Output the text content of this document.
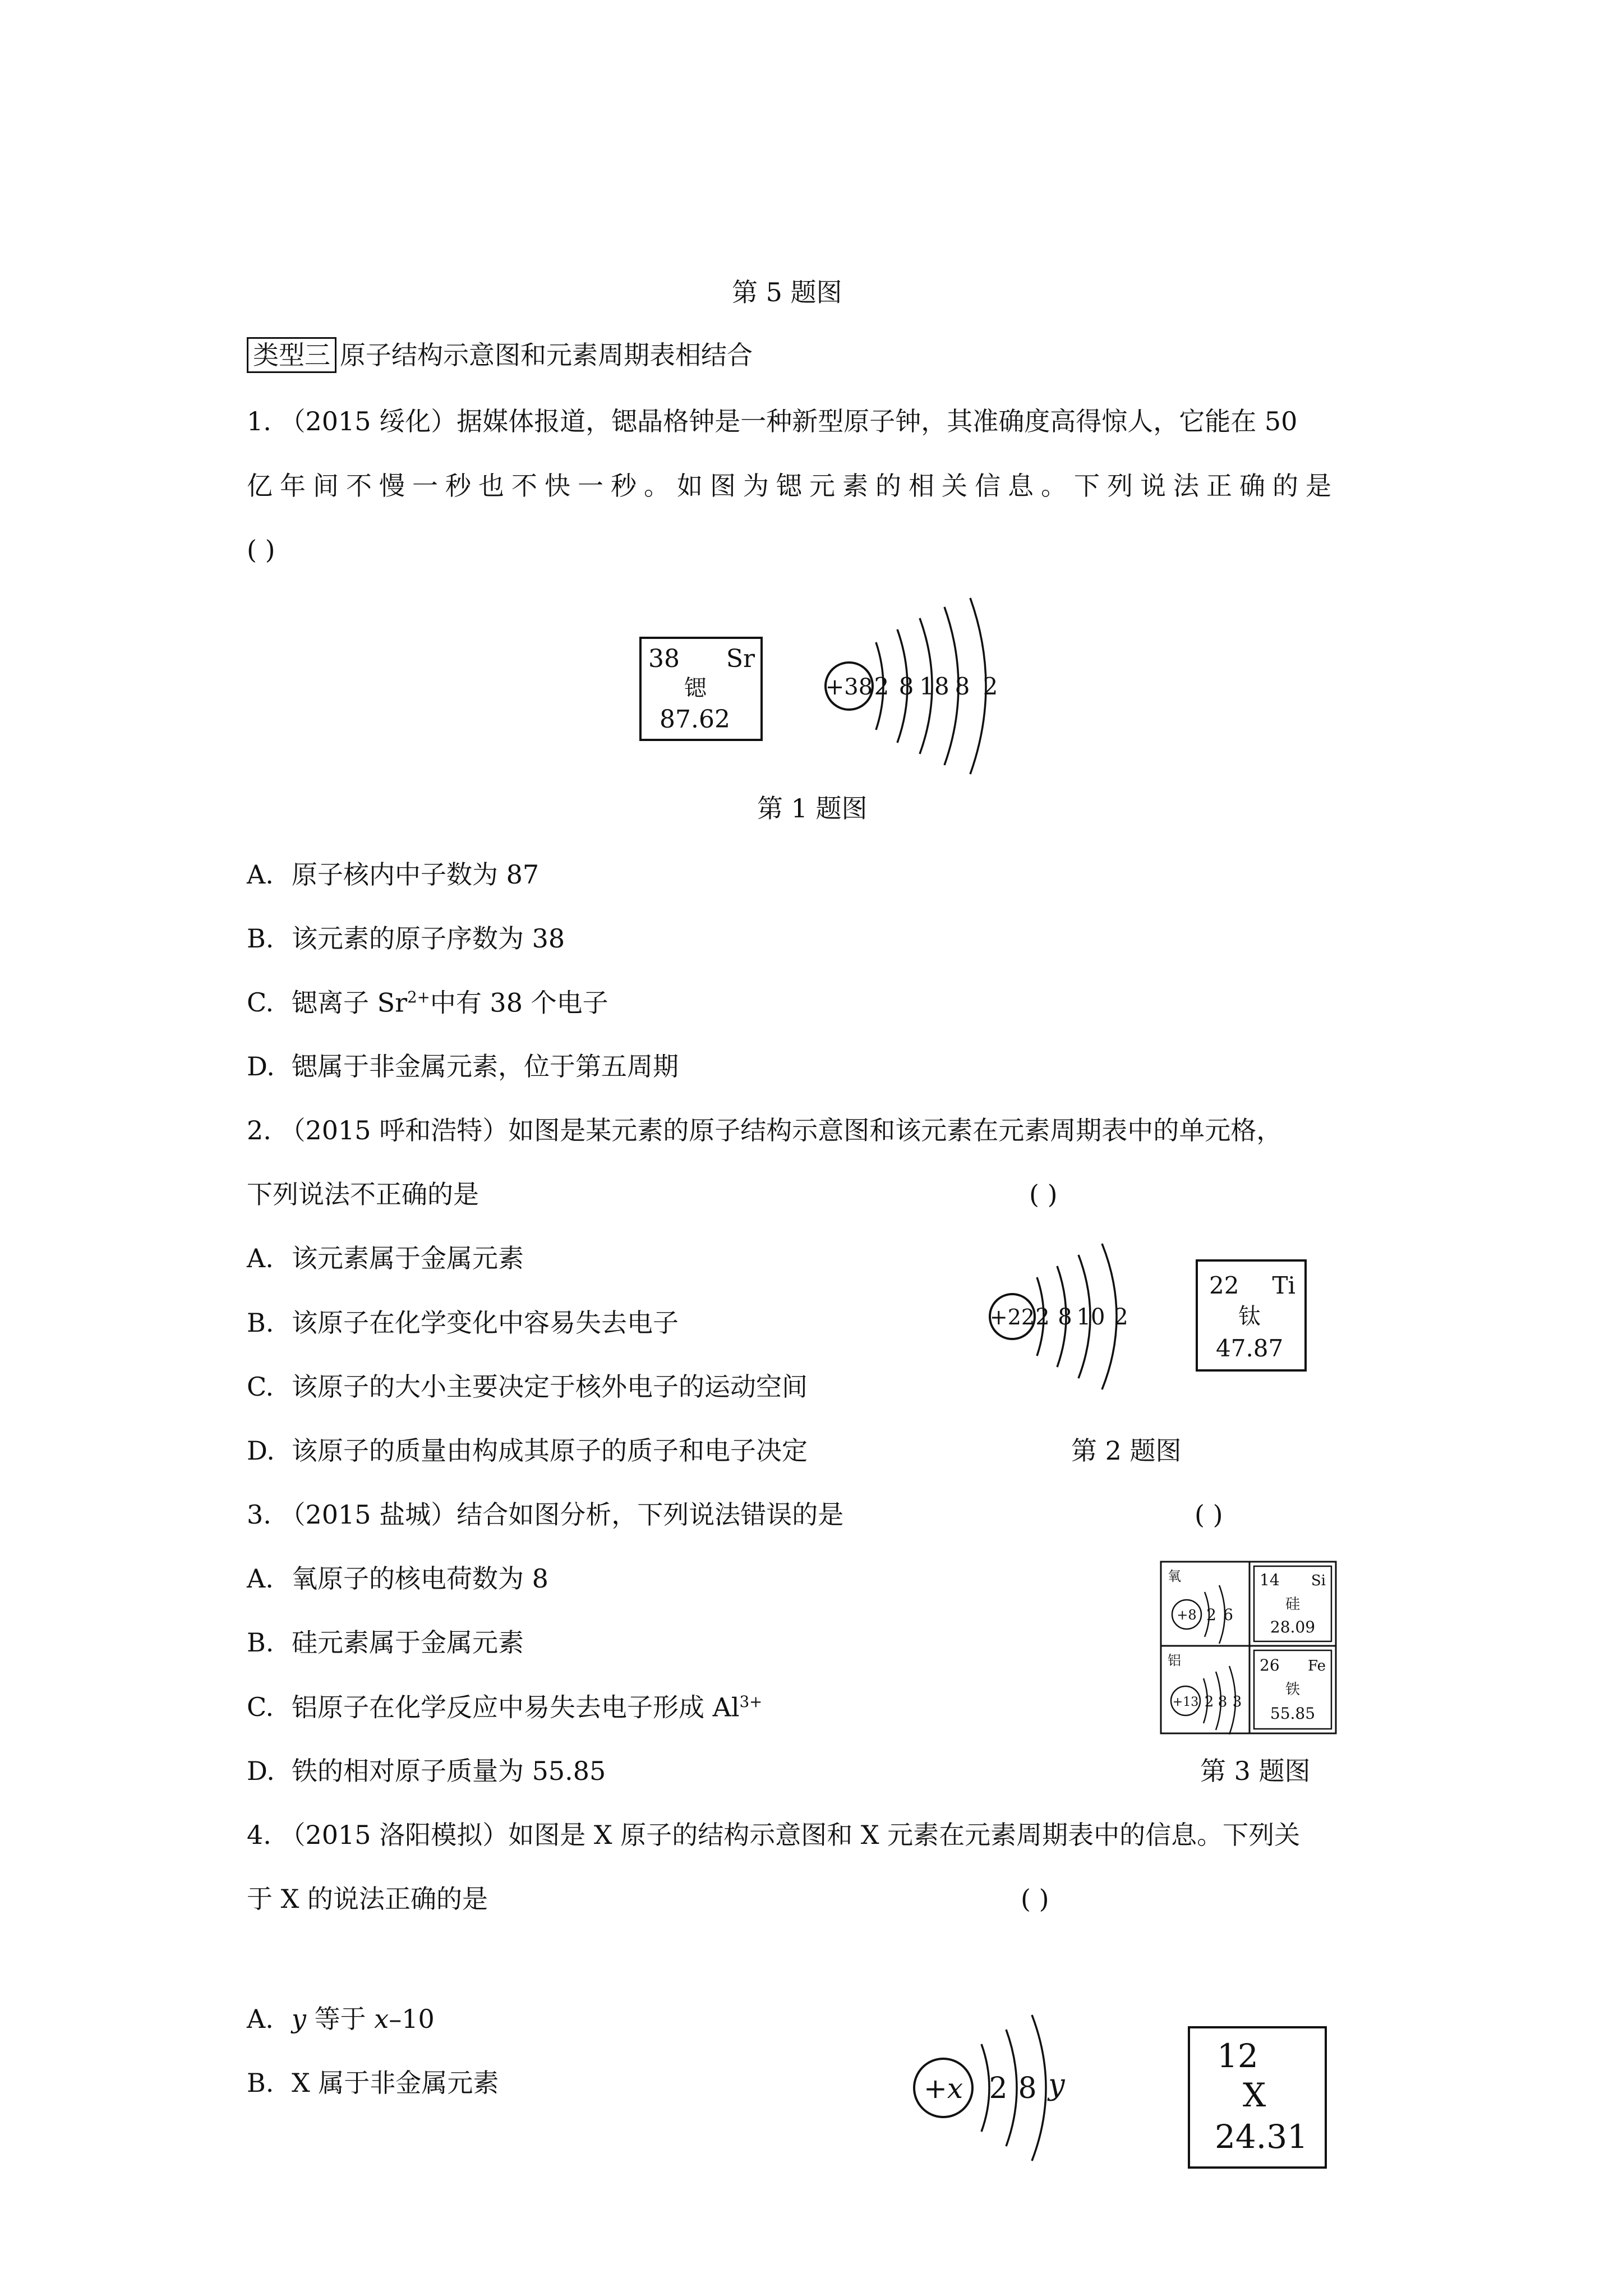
第 5 题图
类型三 原子结构示意图和元素周期表相结合
1. （2015 绥化）据媒体报道，锶晶格钟是一种新型原子钟，其准确度高得惊人，它能在 50
亿年间不慢一秒也不快一秒。如图为锶元素的相关信息。下列说法正确的是
( )
38 Sr
锶
87.62
+38 2 8 18 8 2
第 1 题图
A. 原子核内中子数为 87
B. 该元素的原子序数为 38
C. 锶离子 $Sr^{2+}$中有 38 个电子
D. 锶属于非金属元素，位于第五周期
2. （2015 呼和浩特）如图是某元素的原子结构示意图和该元素在元素周期表中的单元格，
下列说法不正确的是	( )
A. 该元素属于金属元素
B. 该原子在化学变化中容易失去电子
C. 该原子的大小主要决定于核外电子的运动空间
D. 该原子的质量由构成其原子的质子和电子决定
+22 2 8 10 2
22 Ti
钛
47.87
第 2 题图
3. （2015 盐城）结合如图分析，下列说法错误的是	( )
A. 氧原子的核电荷数为 8
B. 硅元素属于金属元素
C. 铝原子在化学反应中易失去电子形成 $Al^{3+}$
D. 铁的相对原子质量为 55.85
氧
+8 2 6
14 Si
硅
28.09
铝
+13 2 8 3
26 Fe
铁
55.85
第 3 题图
4. （2015 洛阳模拟）如图是 X 原子的结构示意图和 X 元素在元素周期表中的信息。下列关
于 X 的说法正确的是	( )
A. y 等于 x–10
B. X 属于非金属元素	+x 2 8 y
12
X
24.31
